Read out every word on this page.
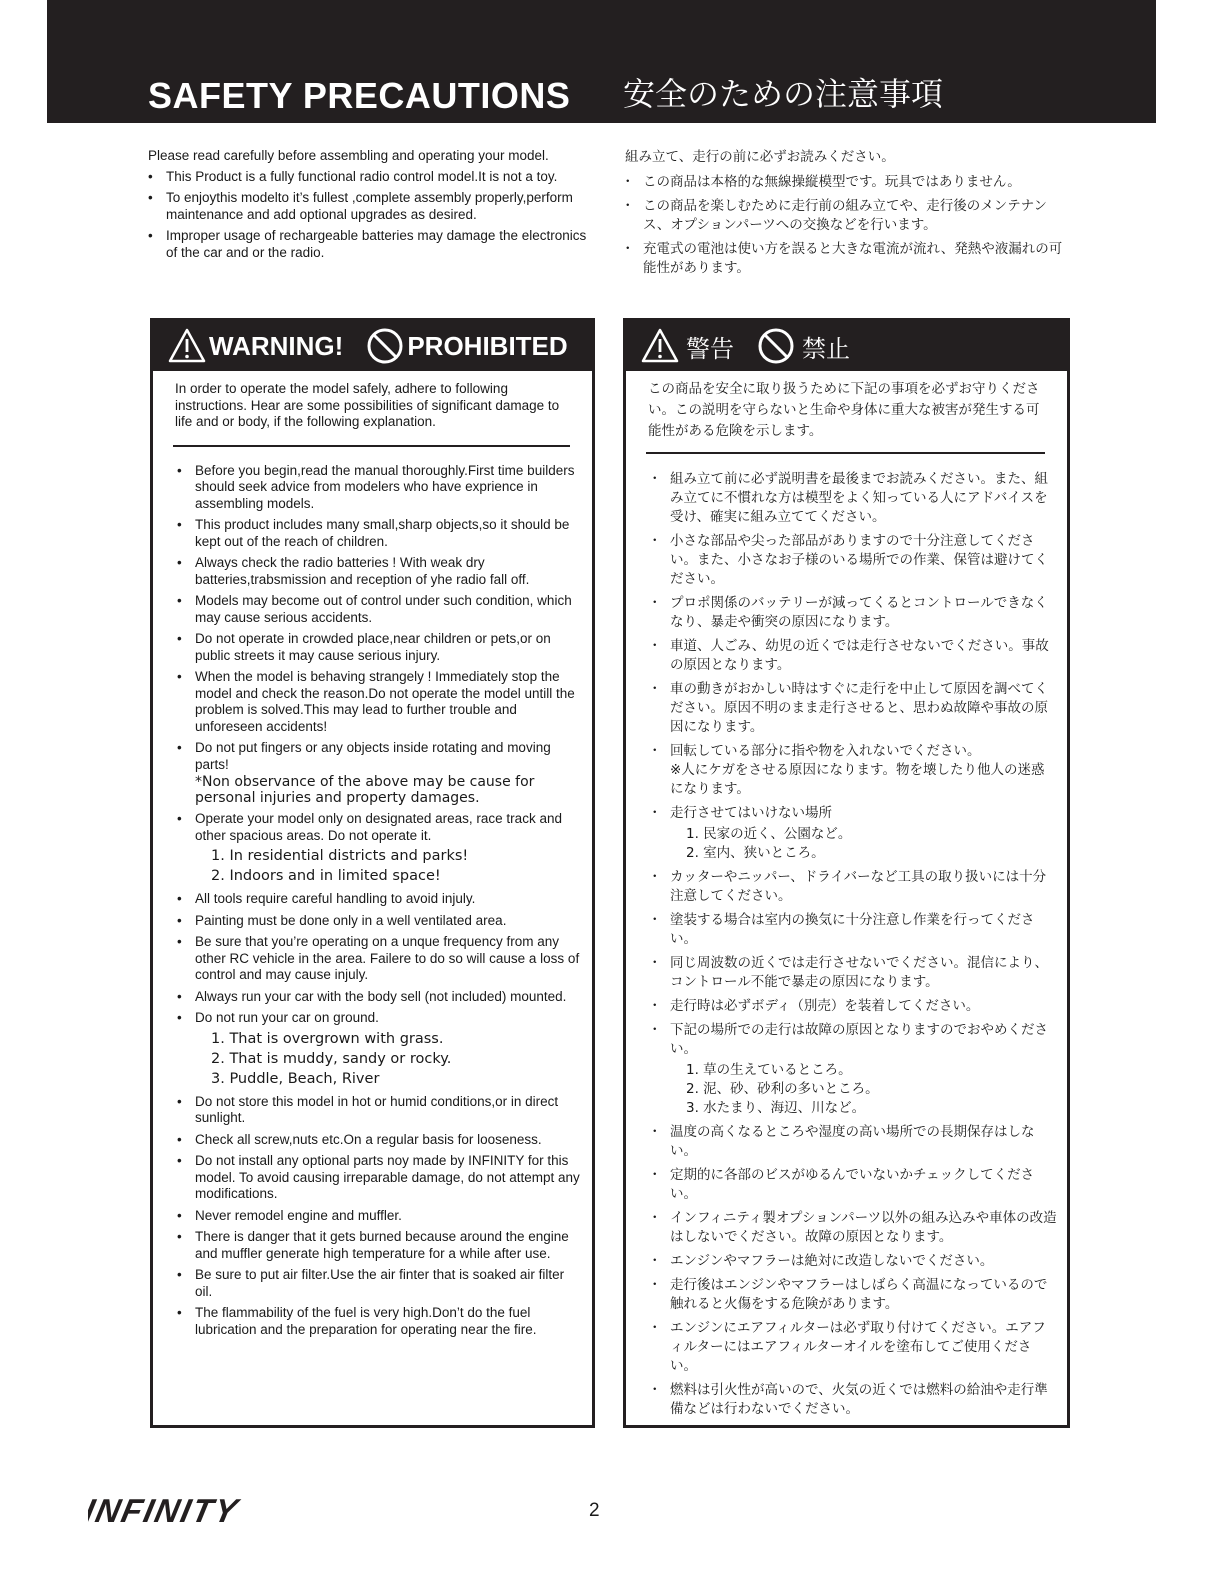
SAFETY PRECAUTIONS 安全のための注意事項

Please read carefully before assembling and operating your model.

• This Product is a fully functional radio control model.It is not a toy.
• To enjoythis modelto it’s fullest ,complete assembly properly,perform maintenance and add optional upgrades as desired.
• Improper usage of rechargeable batteries may damage the electronics of the car and or the radio.

組み立て、走行の前に必ずお読みください。

・ この商品は本格的な無線操縦模型です。玩具ではありません。
・ この商品を楽しむために走行前の組み立てや、走行後のメンテナンス、オプションパーツへの交換などを行います。
・ 充電式の電池は使い方を誤ると大きな電流が流れ、発熱や液漏れの可能性があります。
WARNING! PROHIBITED

In order to operate the model safely, adhere to following instructions. Hear are some possibilities of significant damage to life and or body, if the following explanation.

• Before you begin,read the manual thoroughly.First time builders should seek advice from modelers who have exprience in assembling models.
• This product includes many small,sharp objects,so it should be kept out of the reach of children.
• Always check the radio batteries ! With weak dry batteries,trabsmission and reception of yhe radio fall off.
• Models may become out of control under such condition, which may cause serious accidents.
• Do not operate in crowded place,near children or pets,or on public streets it may cause serious injury.
• When the model is behaving strangely ! Immediately stop the model and check the reason.Do not operate the model untill the problem is solved.This may lead to further trouble and unforeseen accidents!
• Do not put fingers or any objects inside rotating and moving parts!
*Non observance of the above may be cause for personal injuries and property damages.
• Operate your model only on designated areas, race track and other spacious areas. Do not operate it.
1. In residential districts and parks!
2. Indoors and in limited space!
• All tools require careful handling to avoid injuly.
• Painting must be done only in a well ventilated area.
• Be sure that you’re operating on a unque frequency from any other RC vehicle in the area. Failere to do so will cause a loss of control and may cause injuly.
• Always run your car with the body sell (not included) mounted.
• Do not run your car on ground.
1. That is overgrown with grass.
2. That is muddy, sandy or rocky.
3. Puddle, Beach, River
• Do not store this model in hot or humid conditions,or in direct sunlight.
• Check all screw,nuts etc.On a regular basis for looseness.
• Do not install any optional parts noy made by INFINITY for this model. To avoid causing irreparable damage, do not attempt any modifications.
• Never remodel engine and muffler.
• There is danger that it gets burned because around the engine and muffler generate high temperature for a while after use.
• Be sure to put air filter.Use the air finter that is soaked air filter oil.
• The flammability of the fuel is very high.Don’t do the fuel lubrication and the preparation for operating near the fire.
警告	禁止

この商品を安全に取り扱うために下記の事項を必ずお守りください。この説明を守らないと生命や身体に重大な被害が発生する可能性がある危険を示します。

・ 組み立て前に必ず説明書を最後までお読みください。また、組み立てに不慣れな方は模型をよく知っている人にアドバイスを受け、確実に組み立ててください。
・ 小さな部品や尖った部品がありますので十分注意してください。また、小さなお子様のいる場所での作業、保管は避けてください。
・ プロポ関係のバッテリーが減ってくるとコントロールできなくなり、暴走や衝突の原因になります。
・ 車道、人ごみ、幼児の近くでは走行させないでください。事故の原因となります。
・ 車の動きがおかしい時はすぐに走行を中止して原因を調べてください。原因不明のまま走行させると、思わぬ故障や事故の原因になります。
・ 回転している部分に指や物を入れないでください。
※人にケガをさせる原因になります。物を壊したり他人の迷惑になります。
・ 走行させてはいけない場所
1. 民家の近く、公園など。
2. 室内、狭いところ。
・ カッターやニッパー、ドライバーなど工具の取り扱いには十分注意してください。
・ 塗装する場合は室内の換気に十分注意し作業を行ってください。
・ 同じ周波数の近くでは走行させないでください。混信により、コントロール不能で暴走の原因になります。
・ 走行時は必ずボディ（別売）を装着してください。
・ 下記の場所での走行は故障の原因となりますのでおやめください。
1. 草の生えているところ。
2. 泥、砂、砂利の多いところ。
3. 水たまり、海辺、川など。
・ 温度の高くなるところや湿度の高い場所での長期保存はしない。
・ 定期的に各部のビスがゆるんでいないかチェックしてください。
・ インフィニティ製オプションパーツ以外の組み込みや車体の改造はしないでください。故障の原因となります。
・ エンジンやマフラーは絶対に改造しないでください。
・ 走行後はエンジンやマフラーはしばらく高温になっているので触れると火傷をする危険があります。
・ エンジンにエアフィルターは必ず取り付けてください。エアフィルターにはエアフィルターオイルを塗布してご使用ください。
・ 燃料は引火性が高いので、火気の近くでは燃料の給油や走行準備などは行わないでください。
INFINITY	2
